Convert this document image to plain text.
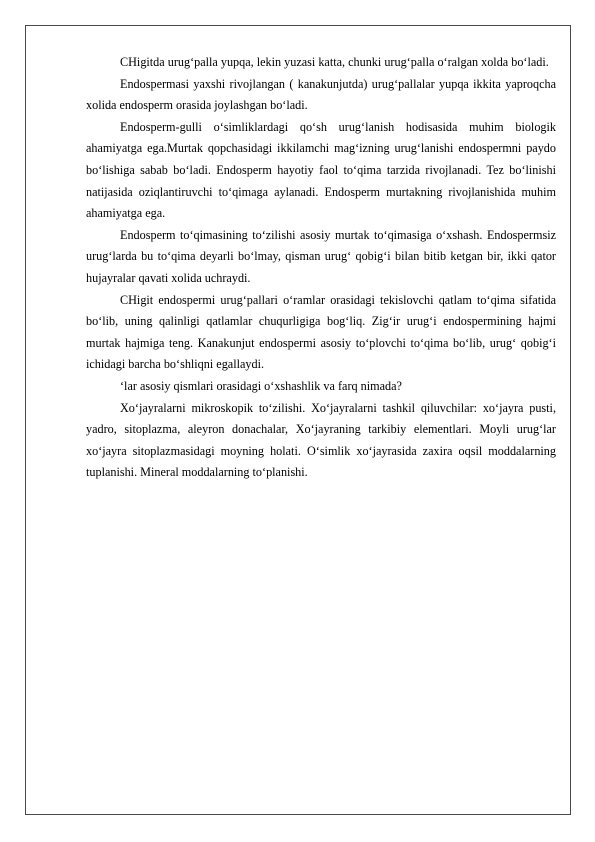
CHigitda urug‘palla yupqa, lekin yuzasi katta, chunki urug‘palla o‘ralgan xolda bo‘ladi.

Endospermasi yaxshi rivojlangan ( kanakunjutda) urug‘pallalar yupqa ikkita yaproqcha xolida endosperm orasida joylashgan bo‘ladi.

Endosperm-gulli o‘simliklardagi qo‘sh urug‘lanish hodisasida muhim biologik ahamiyatga ega.Murtak qopchasidagi ikkilamchi mag‘izning urug‘lanishi endospermni paydo bo‘lishiga sabab bo‘ladi. Endosperm hayotiy faol to‘qima tarzida rivojlanadi. Tez bo‘linishi natijasida oziqlantiruvchi to‘qimaga aylanadi. Endosperm murtakning rivojlanishida muhim ahamiyatga ega.

Endosperm to‘qimasining to‘zilishi asosiy murtak to‘qimasiga o‘xshash. Endospermsiz urug‘larda bu to‘qima deyarli bo‘lmay, qisman urug‘ qobig‘i bilan bitib ketgan bir, ikki qator hujayralar qavati xolida uchraydi.

CHigit endospermi urug‘pallari o‘ramlar orasidagi tekislovchi qatlam to‘qima sifatida bo‘lib, uning qalinligi qatlamlar chuqurligiga bog‘liq. Zig‘ir urug‘i endospermining hajmi murtak hajmiga teng. Kanakunjut endospermi asosiy to‘plovchi to‘qima bo‘lib, urug‘ qobig‘i ichidagi barcha bo‘shliqni egallaydi.

‘lar asosiy qismlari orasidagi o‘xshashlik va farq nimada?

Xo‘jayralarni mikroskopik to‘zilishi. Xo‘jayralarni tashkil qiluvchilar: xo‘jayra pusti, yadro, sitoplazma, aleyron donachalar, Xo‘jayraning tarkibiy elementlari. Moyli urug‘lar xo‘jayra sitoplazmasidagi moyning holati. O‘simlik xo‘jayrasida zaxira oqsil moddalarning tuplanishi. Mineral moddalarning to‘planishi.
